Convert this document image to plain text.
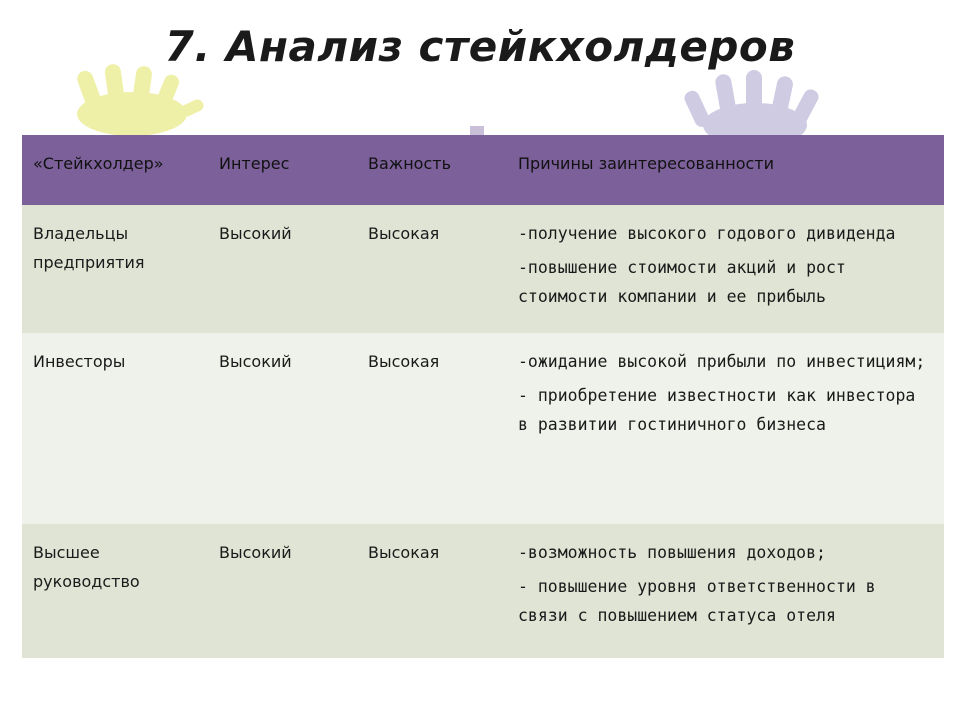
7. Анализ стейкхолдеров
«Стейкхолдер»	Интерес	Важность	Причины заинтересованности
Владельцы предприятия	Высокий	Высокая	-получение высокого годового дивиденда

-повышение стоимости акций и рост стоимости компании и ее прибыль

Инвесторы	Высокий	Высокая	-ожидание высокой прибыли по инвестициям;

- приобретение известности как инвестора в развитии гостиничного бизнеса

Высшее руководство	Высокий	Высокая	-возможность повышения доходов;

- повышение уровня ответственности в связи с повышением статуса отеля
